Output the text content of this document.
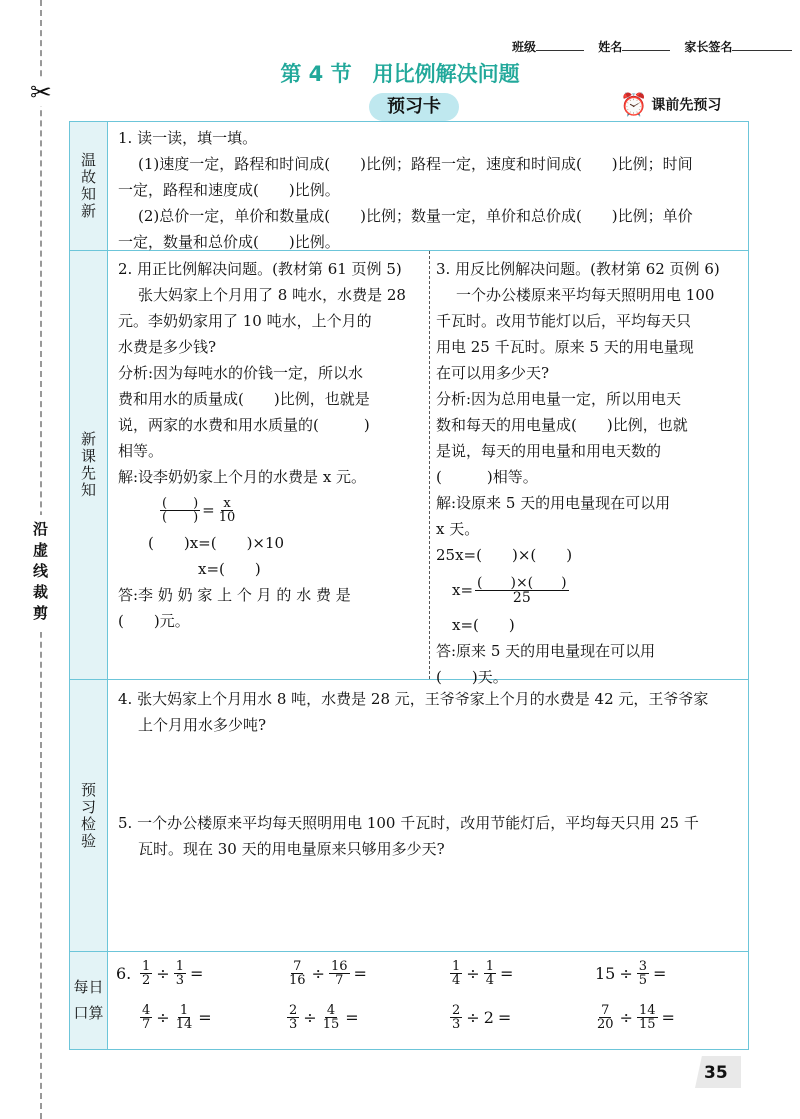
✂
沿虚线裁剪
班级	姓名	家长签名
第 4 节　用比例解决问题
预习卡	⏰ 课前先预习
温故知新

1. 读一读，填一填。

(1)速度一定，路程和时间成(　　)比例；路程一定，速度和时间成(　　)比例；时间

一定，路程和速度成(　　)比例。

(2)总价一定，单价和数量成(　　)比例；数量一定，单价和总价成(　　)比例；单价

一定，数量和总价成(　　)比例。

新课先知

2. 用正比例解决问题。(教材第 61 页例 5)

张大妈家上个月用了 8 吨水，水费是 28

元。李奶奶家用了 10 吨水，上个月的

水费是多少钱?

分析:因为每吨水的价钱一定，所以水

费和用水的质量成(　　)比例，也就是

说，两家的水费和用水质量的(　　　)

相等。

解:设李奶奶家上个月的水费是 x 元。

$\frac{( )}{( )} = \frac{x}{10}$

(　　)x=(　　)×10

x=(　　)

答:李 奶 奶 家 上 个 月 的 水 费 是

(　　)元。

3. 用反比例解决问题。(教材第 62 页例 6)

一个办公楼原来平均每天照明用电 100

千瓦时。改用节能灯以后，平均每天只

用电 25 千瓦时。原来 5 天的用电量现

在可以用多少天?

分析:因为总用电量一定，所以用电天

数和每天的用电量成(　　)比例，也就

是说，每天的用电量和用电天数的

(　　　)相等。

解:设原来 5 天的用电量现在可以用

x 天。

25x=(　　)×(　　)

$x= \frac{( )\times( )}{25}$

x=(　　)

答:原来 5 天的用电量现在可以用

(　　)天。

预习检验

4. 张大妈家上个月用水 8 吨，水费是 28 元，王爷爷家上个月的水费是 42 元，王爷爷家

上个月用水多少吨?

5. 一个办公楼原来平均每天照明用电 100 千瓦时，改用节能灯后，平均每天只用 25 千

瓦时。现在 30 天的用电量原来只够用多少天?

每日口算
6. $\frac{1}{2} \div \frac{1}{3}$ =	$\frac{7}{16} \div \frac{16}{7}$ =	$\frac{1}{4} \div \frac{1}{4}$ =	$15 \div \frac{3}{5}$ =
$\frac{4}{7} \div \frac{1}{14}$ =	$\frac{2}{3} \div \frac{4}{15}$ =	$\frac{2}{3} \div 2$ =	$\frac{7}{20} \div \frac{14}{15}$ =
35
